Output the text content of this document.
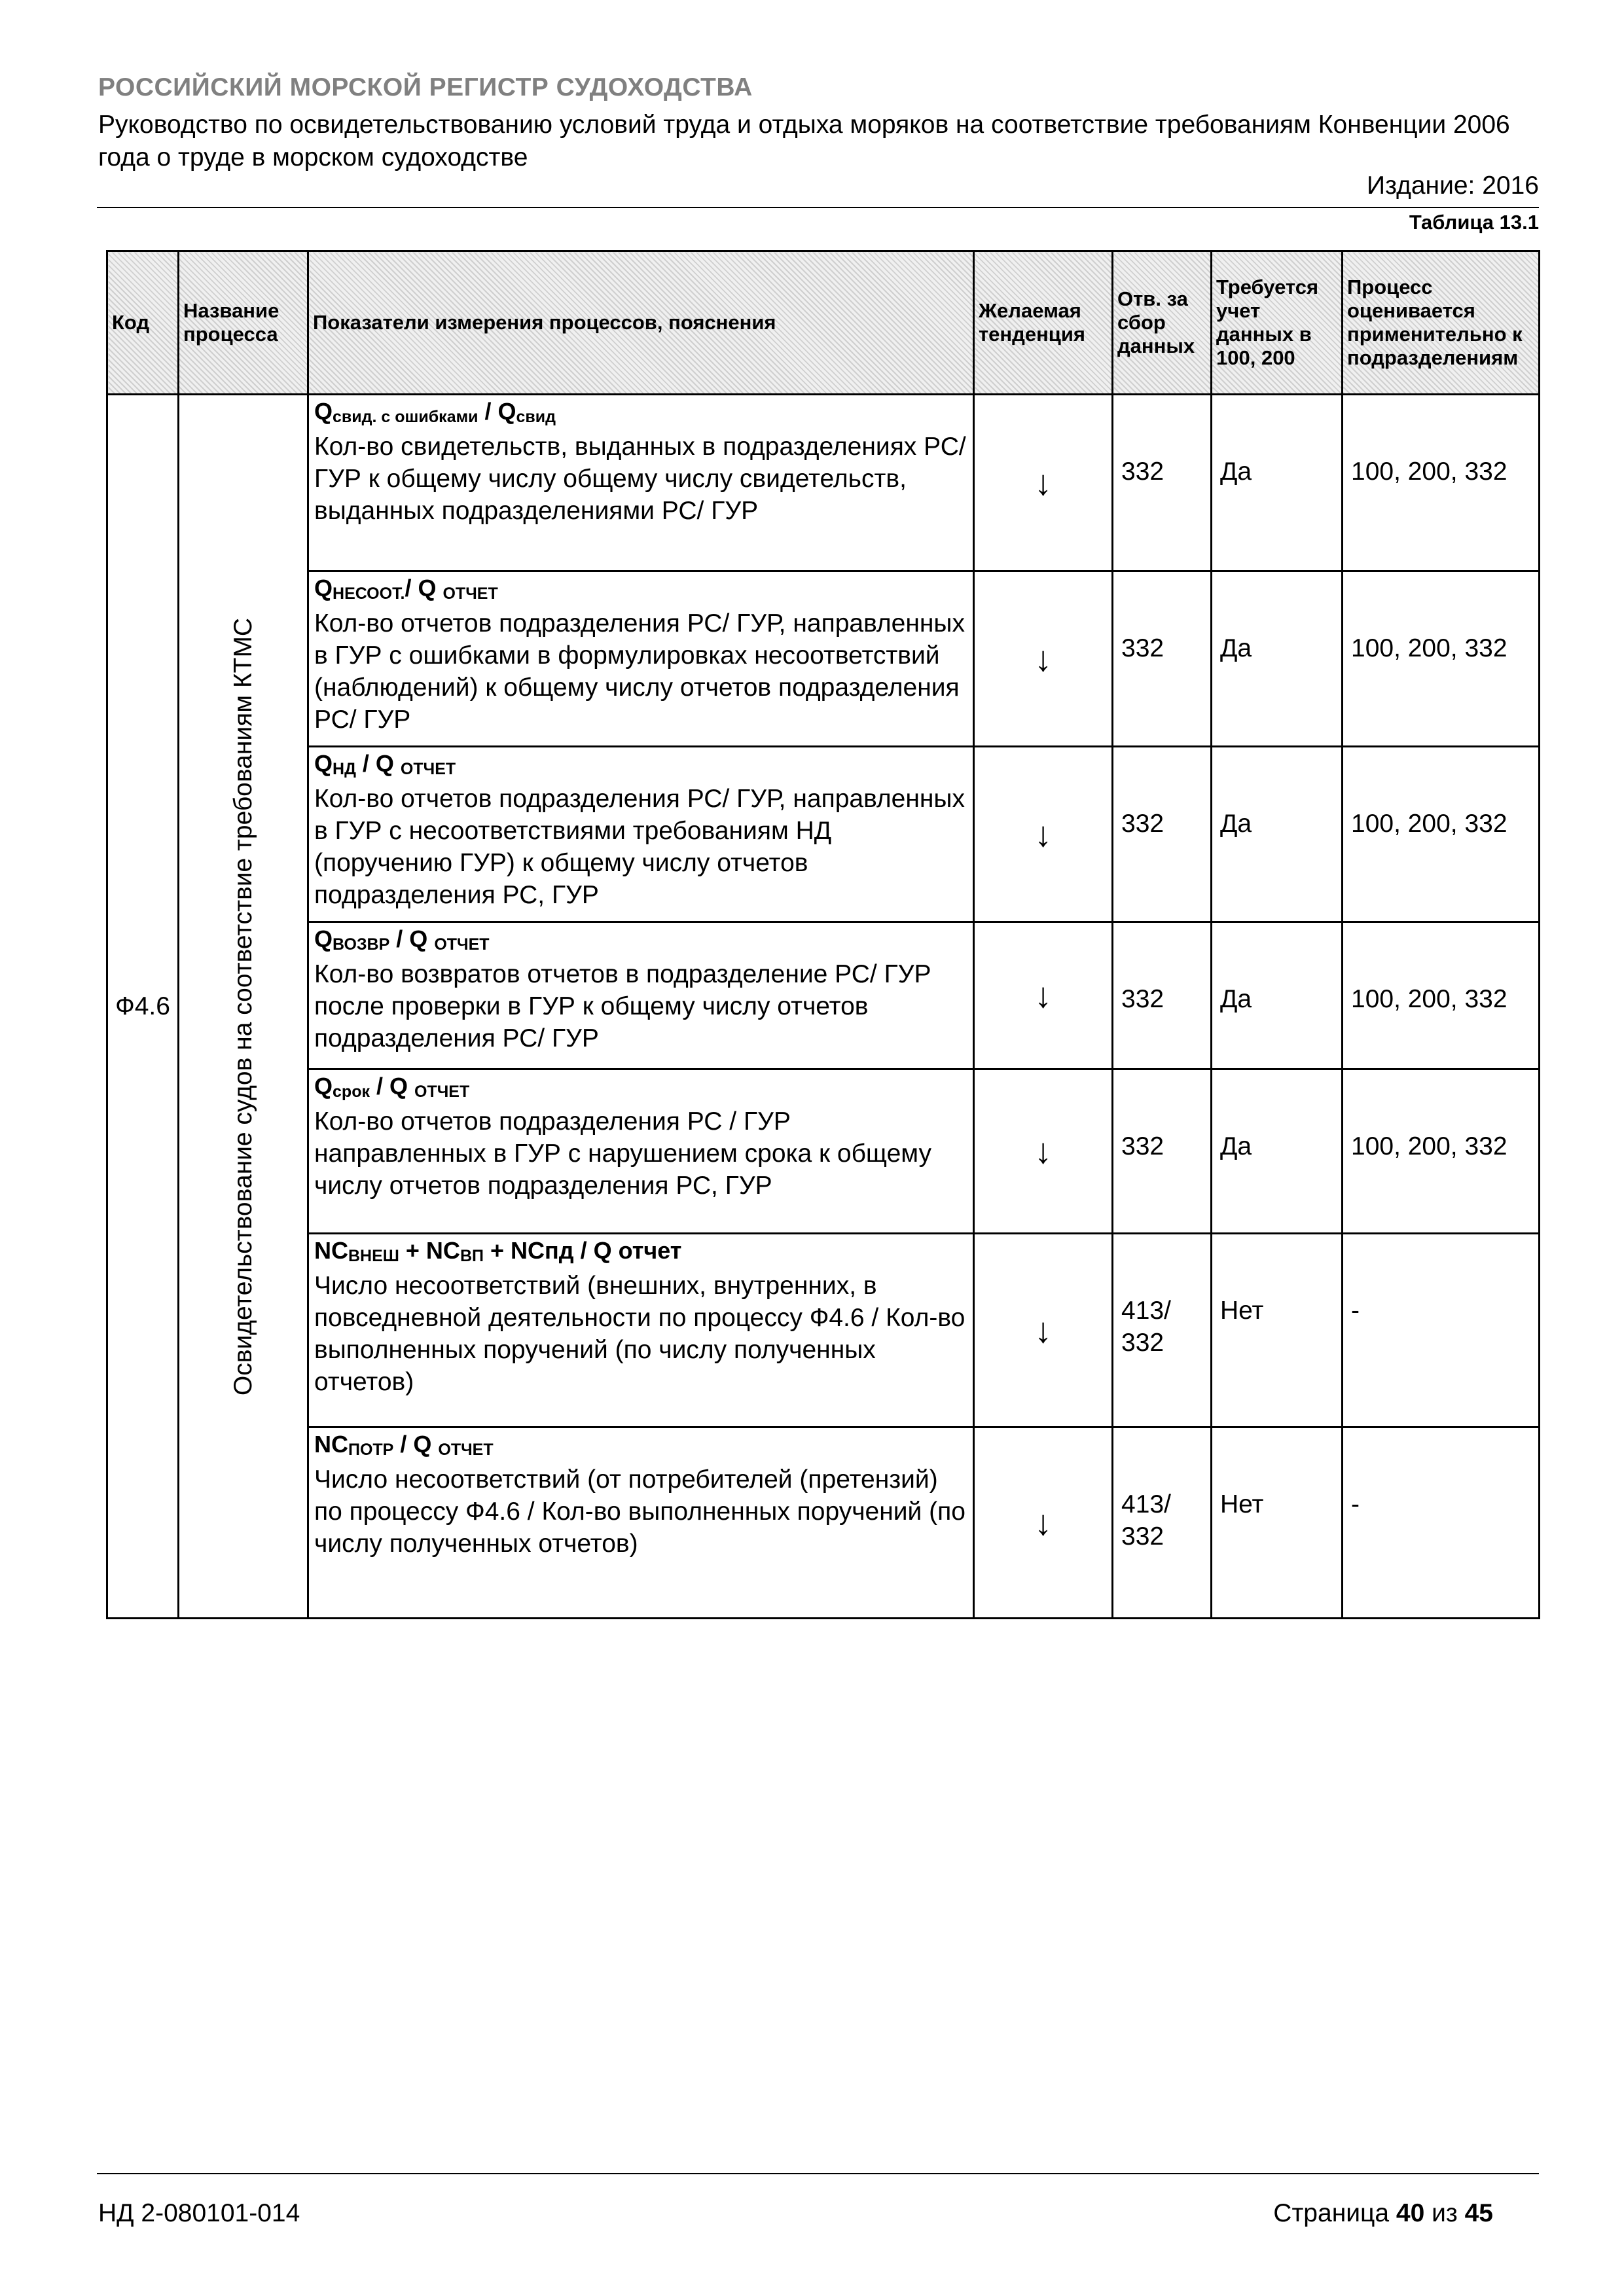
РОССИЙСКИЙ МОРСКОЙ РЕГИСТР СУДОХОДСТВА
Руководство по освидетельствованию условий труда и отдыха моряков на соответствие требованиям Конвенции 2006 года о труде в морском судоходстве
Издание: 2016
Таблица 13.1
Код	Название процесса	Показатели измерения процессов, пояснения	Желаемая тенденция	Отв. за сбор данных	Требуется учет данных в 100, 200	Процесс оценивается применительно к подразделениям
Ф4.6	Освидетельствование судов на соответствие требованиям КТМС	$Q_{свид. с ошибками} / Q_{свид}$
Кол-во свидетельств, выданных в подразделениях РС/ ГУР к общему числу общему числу свидетельств, выданных подразделениями РС/ ГУР	↓	332	Да	100, 200, 332

		$Q_{НЕСООТ.}/$ Q $_{ОТЧЕТ}$
Кол-во отчетов подразделения РС/ ГУР, направленных в ГУР с ошибками в формулировках несоответствий (наблюдений) к общему числу отчетов подразделения РС/ ГУР	↓	332	Да	100, 200, 332

		$Q_{НД}$ / Q $_{ОТЧЕТ}$
Кол-во отчетов подразделения РС/ ГУР, направленных в ГУР с несоответствиями требованиям НД (поручению ГУР) к общему числу отчетов подразделения РС, ГУР	↓	332	Да	100, 200, 332

		$Q_{ВОЗВР}$ / Q $_{ОТЧЕТ}$
Кол-во возвратов отчетов в подразделение РС/ ГУР после проверки в ГУР к общему числу отчетов подразделения РС/ ГУР	↓	332	Да	100, 200, 332

		$Q_{срок}$ / Q $_{ОТЧЕТ}$
Кол-во отчетов подразделения РС / ГУР направленных в ГУР с нарушением срока к общему числу отчетов подразделения РС, ГУР	↓	332	Да	100, 200, 332

		$NC_{ВНЕШ} + NC_{ВП}$ + NCпд / Q отчет
Число несоответствий (внешних, внутренних, в повседневной деятельности по процессу Ф4.6 / Кол-во выполненных поручений (по числу полученных отчетов)	↓	413/ 332	Нет	-

		$NC_{ПОТР}$ / Q $_{ОТЧЕТ}$
Число несоответствий (от потребителей (претензий) по процессу Ф4.6 / Кол-во выполненных поручений (по числу полученных отчетов)	↓	413/ 332	Нет	-
НД 2-080101-014	Страница 40 из 45
